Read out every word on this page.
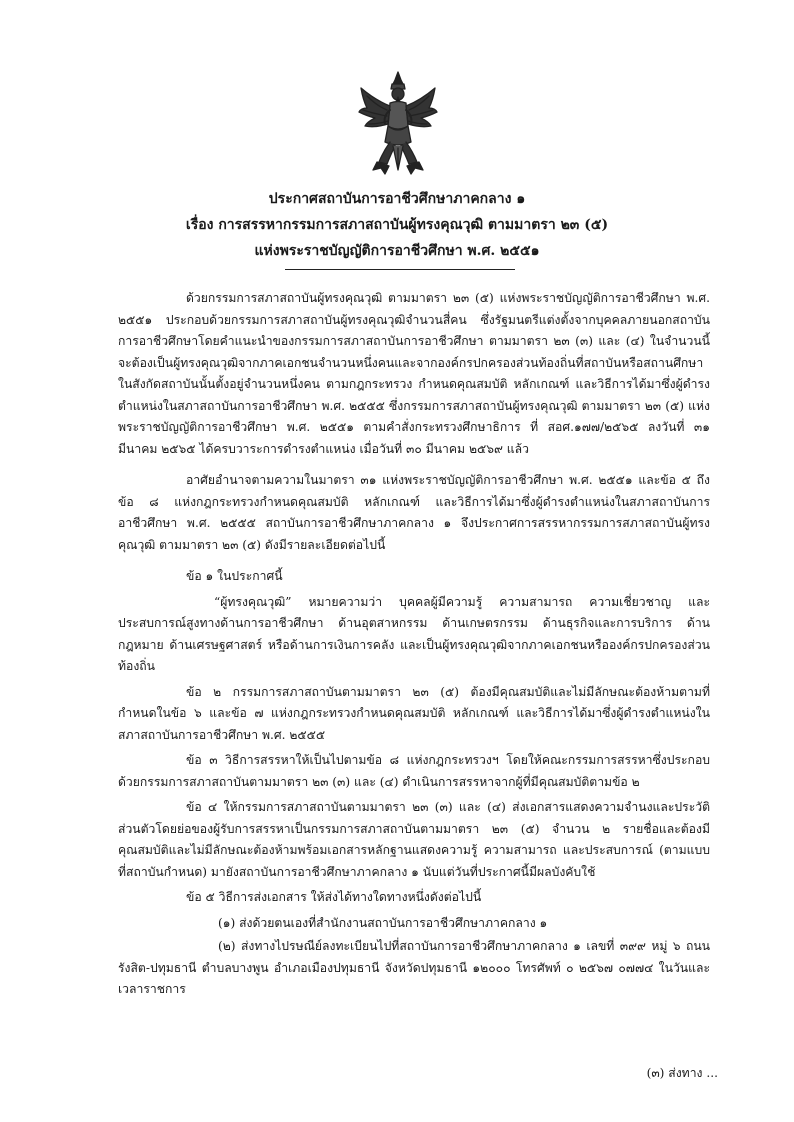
ประกาศสถาบันการอาชีวศึกษาภาคกลาง ๑
เรื่อง การสรรหากรรมการสภาสถาบันผู้ทรงคุณวุฒิ ตามมาตรา ๒๓ (๕)
แห่งพระราชบัญญัติการอาชีวศึกษา พ.ศ. ๒๕๕๑

ด้วยกรรมการสภาสถาบันผู้ทรงคุณวุฒิ ตามมาตรา ๒๓ (๕) แห่งพระราชบัญญัติการอาชีวศึกษา พ.ศ. ๒๕๕๑ ประกอบด้วยกรรมการสภาสถาบันผู้ทรงคุณวุฒิจำนวนสี่คน ซึ่งรัฐมนตรีแต่งตั้งจากบุคคลภายนอกสถาบันการอาชีวศึกษาโดยคำแนะนำของกรรมการสภาสถาบันการอาชีวศึกษา ตามมาตรา ๒๓ (๓) และ (๔) ในจำนวนนี้จะต้องเป็นผู้ทรงคุณวุฒิจากภาคเอกชนจำนวนหนึ่งคนและจากองค์กรปกครองส่วนท้องถิ่นที่สถาบันหรือสถานศึกษาในสังกัดสถาบันนั้นตั้งอยู่จำนวนหนึ่งคน ตามกฎกระทรวง กำหนดคุณสมบัติ หลักเกณฑ์ และวิธีการได้มาซึ่งผู้ดำรงตำแหน่งในสภาสถาบันการอาชีวศึกษา พ.ศ. ๒๕๕๕ ซึ่งกรรมการสภาสถาบันผู้ทรงคุณวุฒิ ตามมาตรา ๒๓ (๕) แห่งพระราชบัญญัติการอาชีวศึกษา พ.ศ. ๒๕๕๑ ตามคำสั่งกระทรวงศึกษาธิการ ที่ สอศ.๑๗๗/๒๕๖๕ ลงวันที่ ๓๑ มีนาคม ๒๕๖๕ ได้ครบวาระการดำรงตำแหน่ง เมื่อวันที่ ๓๐ มีนาคม ๒๕๖๙ แล้ว

อาศัยอำนาจตามความในมาตรา ๓๑ แห่งพระราชบัญญัติการอาชีวศึกษา พ.ศ. ๒๕๕๑ และข้อ ๕ ถึง ข้อ ๘ แห่งกฎกระทรวงกำหนดคุณสมบัติ หลักเกณฑ์ และวิธีการได้มาซึ่งผู้ดำรงตำแหน่งในสภาสถาบันการอาชีวศึกษา พ.ศ. ๒๕๕๕ สถาบันการอาชีวศึกษาภาคกลาง ๑ จึงประกาศการสรรหากรรมการสภาสถาบันผู้ทรงคุณวุฒิ ตามมาตรา ๒๓ (๕) ดังมีรายละเอียดต่อไปนี้

ข้อ ๑ ในประกาศนี้

“ผู้ทรงคุณวุฒิ” หมายความว่า บุคคลผู้มีความรู้ ความสามารถ ความเชี่ยวชาญ และประสบการณ์สูงทางด้านการอาชีวศึกษา ด้านอุตสาหกรรม ด้านเกษตรกรรม ด้านธุรกิจและการบริการ ด้านกฎหมาย ด้านเศรษฐศาสตร์ หรือด้านการเงินการคลัง และเป็นผู้ทรงคุณวุฒิจากภาคเอกชนหรือองค์กรปกครองส่วนท้องถิ่น

ข้อ ๒ กรรมการสภาสถาบันตามมาตรา ๒๓ (๕) ต้องมีคุณสมบัติและไม่มีลักษณะต้องห้ามตามที่กำหนดในข้อ ๖ และข้อ ๗ แห่งกฎกระทรวงกำหนดคุณสมบัติ หลักเกณฑ์ และวิธีการได้มาซึ่งผู้ดำรงตำแหน่งในสภาสถาบันการอาชีวศึกษา พ.ศ. ๒๕๕๕

ข้อ ๓ วิธีการสรรหาให้เป็นไปตามข้อ ๘ แห่งกฎกระทรวงฯ โดยให้คณะกรรมการสรรหาซึ่งประกอบด้วยกรรมการสภาสถาบันตามมาตรา ๒๓ (๓) และ (๔) ดำเนินการสรรหาจากผู้ที่มีคุณสมบัติตามข้อ ๒

ข้อ ๔ ให้กรรมการสภาสถาบันตามมาตรา ๒๓ (๓) และ (๔) ส่งเอกสารแสดงความจำนงและประวัติส่วนตัวโดยย่อของผู้รับการสรรหาเป็นกรรมการสภาสถาบันตามมาตรา ๒๓ (๕) จำนวน ๒ รายชื่อและต้องมีคุณสมบัติและไม่มีลักษณะต้องห้ามพร้อมเอกสารหลักฐานแสดงความรู้ ความสามารถ และประสบการณ์ (ตามแบบที่สถาบันกำหนด) มายังสถาบันการอาชีวศึกษาภาคกลาง ๑ นับแต่วันที่ประกาศนี้มีผลบังคับใช้

ข้อ ๕ วิธีการส่งเอกสาร ให้ส่งได้ทางใดทางหนึ่งดังต่อไปนี้

(๑) ส่งด้วยตนเองที่สำนักงานสถาบันการอาชีวศึกษาภาคกลาง ๑

(๒) ส่งทางไปรษณีย์ลงทะเบียนไปที่สถาบันการอาชีวศึกษาภาคกลาง ๑ เลขที่ ๓๙๙ หมู่ ๖ ถนนรังสิต-ปทุมธานี ตำบลบางพูน อำเภอเมืองปทุมธานี จังหวัดปทุมธานี ๑๒๐๐๐ โทรศัพท์ ๐ ๒๕๖๗ ๐๗๗๔ ในวันและเวลาราชการ

(๓) ส่งทาง ...
